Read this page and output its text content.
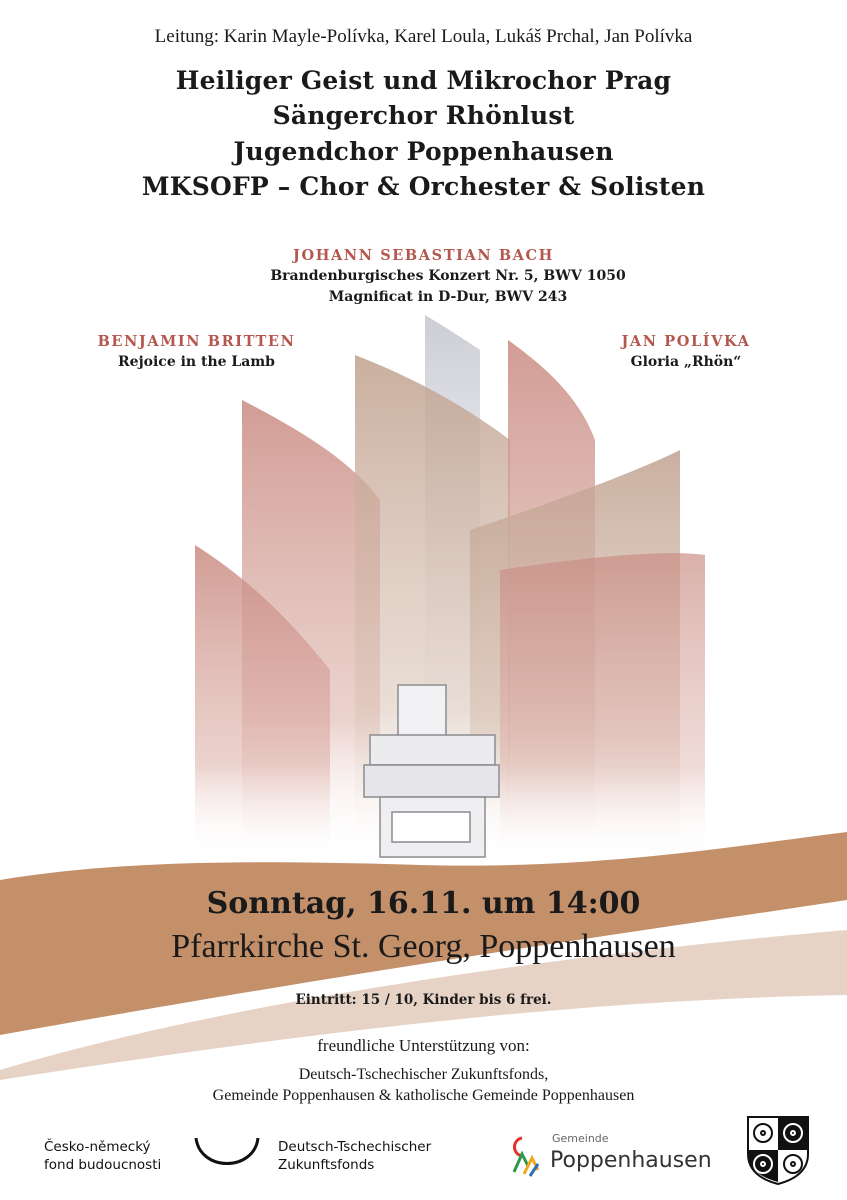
Leitung: Karin Mayle-Polívka, Karel Loula, Lukáš Prchal, Jan Polívka
Heiliger Geist und Mikrochor Prag
Sängerchor Rhönlust
Jugendchor Poppenhausen
MKSOFP – Chor & Orchester & Solisten
JOHANN SEBASTIAN BACH
Brandenburgisches Konzert Nr. 5, BWV 1050
Magnificat in D-Dur, BWV 243
BENJAMIN BRITTEN
Rejoice in the Lamb
JAN POLÍVKA
Gloria „Rhön“
Sonntag, 16.11. um 14:00
Pfarrkirche St. Georg, Poppenhausen
Eintritt: 15 / 10, Kinder bis 6 frei.
freundliche Unterstützung von:
Deutsch-Tschechischer Zukunftsfonds,
Gemeinde Poppenhausen & katholische Gemeinde Poppenhausen
Česko-německý
fond budoucnosti
Deutsch-Tschechischer
Zukunftsfonds
Gemeinde
Poppenhausen
